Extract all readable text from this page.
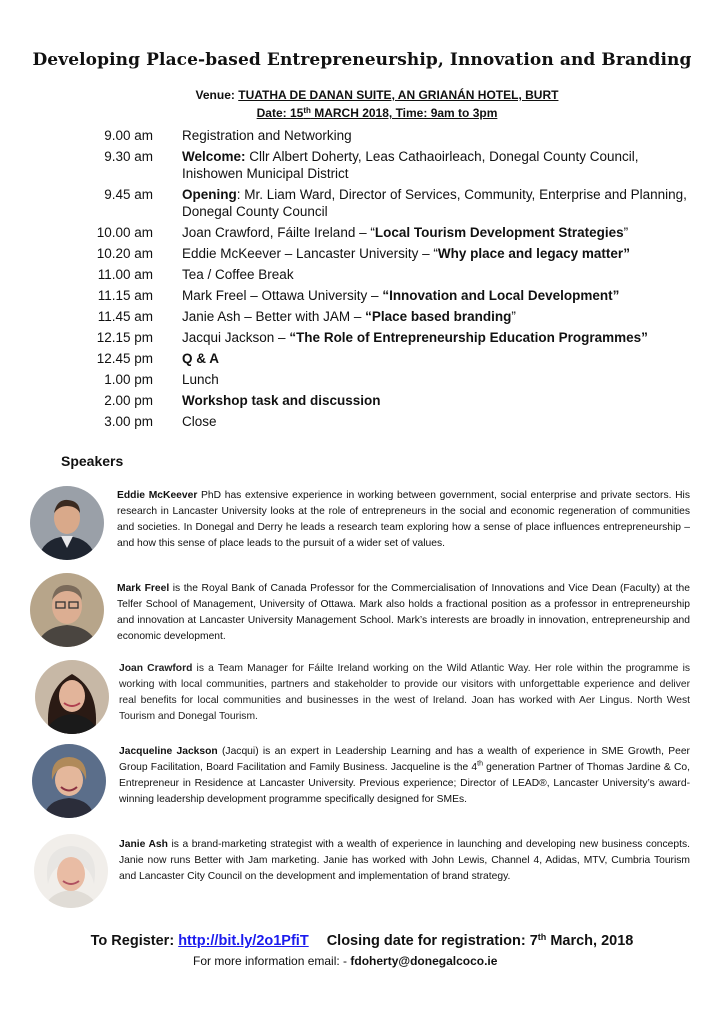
Developing Place-based Entrepreneurship, Innovation and Branding
Venue: TUATHA DE DANAN SUITE, AN GRIANÁN HOTEL, BURT
Date: 15th MARCH 2018, Time: 9am to 3pm
9.00 am	Registration and Networking
9.30 am	Welcome: Cllr Albert Doherty, Leas Cathaoirleach, Donegal County Council, Inishowen Municipal District
9.45 am	Opening: Mr. Liam Ward, Director of Services, Community, Enterprise and Planning, Donegal County Council
10.00 am	Joan Crawford, Fáilte Ireland – “Local Tourism Development Strategies”
10.20 am	Eddie McKeever – Lancaster University – “Why place and legacy matter”
11.00 am	Tea / Coffee Break
11.15 am	Mark Freel – Ottawa University – “Innovation and Local Development”
11.45 am	Janie Ash – Better with JAM – “Place based branding”
12.15 pm	Jacqui Jackson – “The Role of Entrepreneurship Education Programmes”
12.45 pm	Q & A
1.00 pm	Lunch
2.00 pm	Workshop task and discussion
3.00 pm	Close
Speakers
Eddie McKeever PhD has extensive experience in working between government, social enterprise and private sectors. His research in Lancaster University looks at the role of entrepreneurs in the social and economic regeneration of communities and societies. In Donegal and Derry he leads a research team exploring how a sense of place influences entrepreneurship – and how this sense of place leads to the pursuit of a wider set of values.
Mark Freel is the Royal Bank of Canada Professor for the Commercialisation of Innovations and Vice Dean (Faculty) at the Telfer School of Management, University of Ottawa. Mark also holds a fractional position as a professor in entrepreneurship and innovation at Lancaster University Management School. Mark’s interests are broadly in innovation, entrepreneurship and economic development.
Joan Crawford is a Team Manager for Fáilte Ireland working on the Wild Atlantic Way. Her role within the programme is working with local communities, partners and stakeholder to provide our visitors with unforgettable experience and deliver real benefits for local communities and businesses in the west of Ireland. Joan has worked with Aer Lingus. North West Tourism and Donegal Tourism.
Jacqueline Jackson (Jacqui) is an expert in Leadership Learning and has a wealth of experience in SME Growth, Peer Group Facilitation, Board Facilitation and Family Business. Jacqueline is the 4th generation Partner of Thomas Jardine & Co, Entrepreneur in Residence at Lancaster University. Previous experience; Director of LEAD®, Lancaster University’s award-winning leadership development programme specifically designed for SMEs.
Janie Ash is a brand-marketing strategist with a wealth of experience in launching and developing new business concepts. Janie now runs Better with Jam marketing. Janie has worked with John Lewis, Channel 4, Adidas, MTV, Cumbria Tourism and Lancaster City Council on the development and implementation of brand strategy.
To Register: http://bit.ly/2o1PfiT Closing date for registration: 7th March, 2018
For more information email: - fdoherty@donegalcoco.ie
